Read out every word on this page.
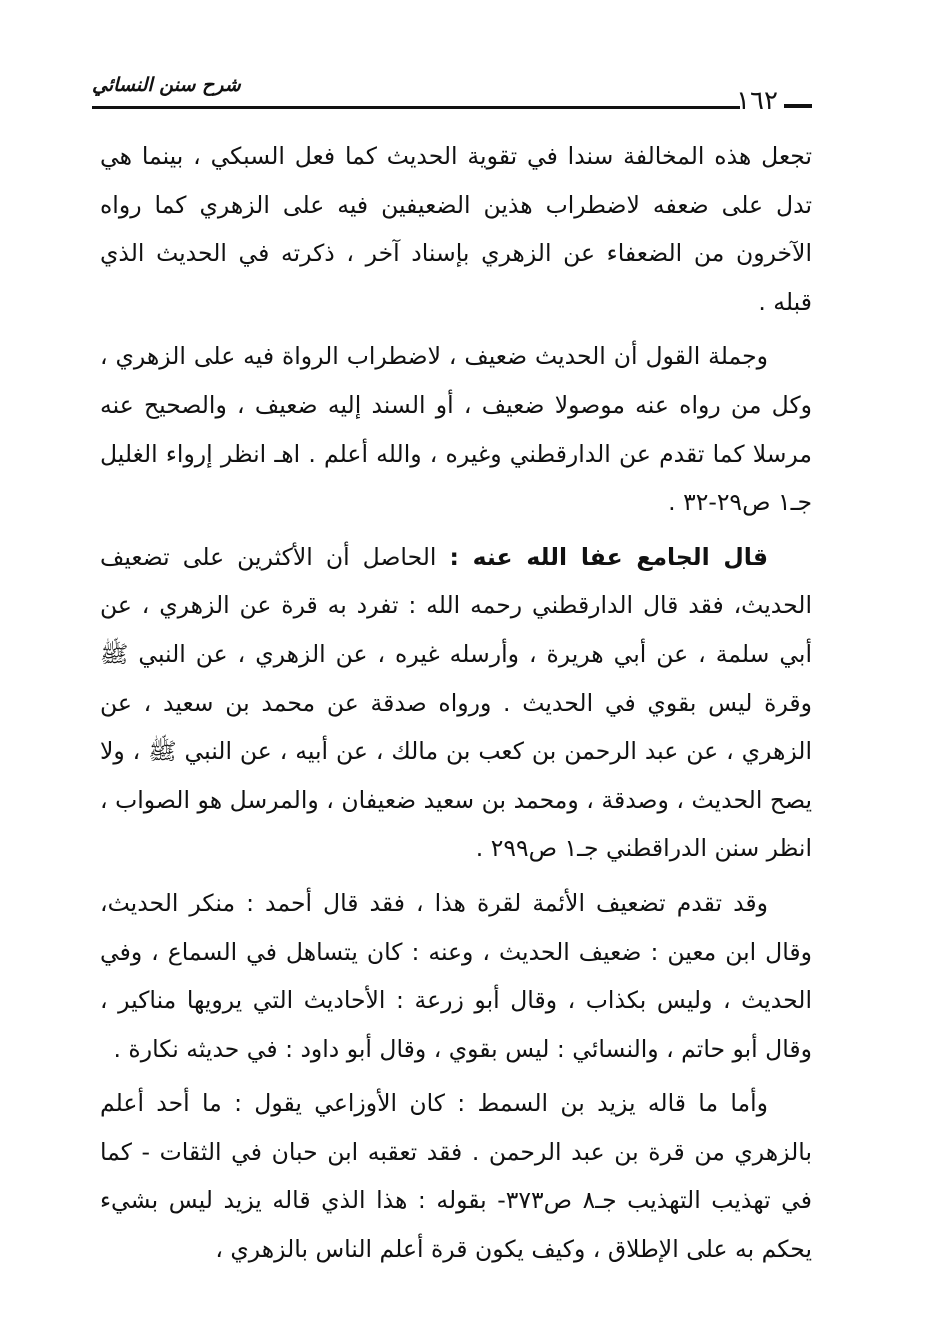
شرح سنن النسائي
١٦٢

تجعل هذه المخالفة سندا في تقوية الحديث كما فعل السبكي ، بينما هي تدل على ضعفه لاضطراب هذين الضعيفين فيه على الزهري كما رواه الآخرون من الضعفاء عن الزهري بإسناد آخر ، ذكرته في الحديث الذي قبله .

وجملة القول أن الحديث ضعيف ، لاضطراب الرواة فيه على الزهري ، وكل من رواه عنه موصولا ضعيف ، أو السند إليه ضعيف ، والصحيح عنه مرسلا كما تقدم عن الدارقطني وغيره ، والله أعلم . اهـ انظر إرواء الغليل جـ١ ص٢٩-٣٢ .

قال الجامع عفا الله عنه : الحاصل أن الأكثرين على تضعيف الحديث، فقد قال الدارقطني رحمه الله : تفرد به قرة عن الزهري ، عن أبي سلمة ، عن أبي هريرة ، وأرسله غيره ، عن الزهري ، عن النبي ﷺ وقرة ليس بقوي في الحديث . ورواه صدقة عن محمد بن سعيد ، عن الزهري ، عن عبد الرحمن بن كعب بن مالك ، عن أبيه ، عن النبي ﷺ ، ولا يصح الحديث ، وصدقة ، ومحمد بن سعيد ضعيفان ، والمرسل هو الصواب ، انظر سنن الدراقطني جـ١ ص٢٩٩ .

وقد تقدم تضعيف الأئمة لقرة هذا ، فقد قال أحمد : منكر الحديث، وقال ابن معين : ضعيف الحديث ، وعنه : كان يتساهل في السماع ، وفي الحديث ، وليس بكذاب ، وقال أبو زرعة : الأحاديث التي يرويها مناكير ، وقال أبو حاتم ، والنسائي : ليس بقوي ، وقال أبو داود : في حديثه نكارة .

وأما ما قاله يزيد بن السمط : كان الأوزاعي يقول : ما أحد أعلم بالزهري من قرة بن عبد الرحمن . فقد تعقبه ابن حبان في الثقات - كما في تهذيب التهذيب جـ٨ ص٣٧٣- بقوله : هذا الذي قاله يزيد ليس بشيء يحكم به على الإطلاق ، وكيف يكون قرة أعلم الناس بالزهري ،
